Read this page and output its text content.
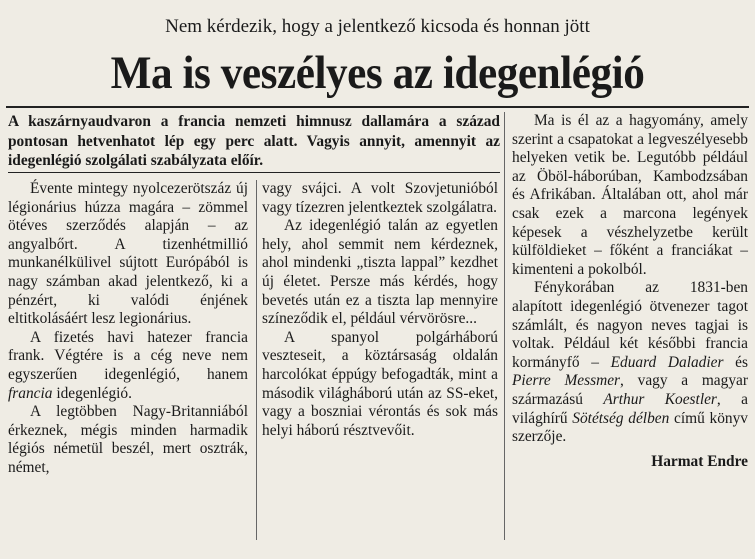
Nem kérdezik, hogy a jelentkező kicsoda és honnan jött
Ma is veszélyes az idegenlégió
A kaszárnyaudvaron a francia nemzeti himnusz dallamára a század pontosan hetvenhatot lép egy perc alatt. Vagyis annyit, amennyit az idegenlégió szolgálati szabályzata előír.

Évente mintegy nyolcezerötszáz új légionárius húzza magára – zömmel ötéves szerződés alapján – az angyalbőrt. A tizenhétmillió munkanélkülivel sújtott Európából is nagy számban akad jelentkező, ki a pénzért, ki valódi énjének eltitkolásáért lesz legionárius.

A fizetés havi hatezer francia frank. Végtére is a cég neve nem egyszerűen idegenlégió, hanem francia idegenlégió.

A legtöbben Nagy-Britanniából érkeznek, mégis minden harmadik légiós németül beszél, mert osztrák, német,

vagy svájci. A volt Szovjetunióból vagy tízezren jelentkeztek szolgálatra.

Az idegenlégió talán az egyetlen hely, ahol semmit nem kérdeznek, ahol mindenki „tiszta lappal” kezdhet új életet. Persze más kérdés, hogy bevetés után ez a tiszta lap mennyire színeződik el, például vérvörösre...

A spanyol polgárháború veszteseit, a köztársaság oldalán harcolókat éppúgy befogadták, mint a második világháború után az SS-eket, vagy a boszniai vérontás és sok más helyi háború résztvevőit.

Ma is él az a hagyomány, amely szerint a csapatokat a legveszélyesebb helyeken vetik be. Legutóbb például az Öböl-háborúban, Kambodzsában és Afrikában. Általában ott, ahol már csak ezek a marcona legények képesek a vészhelyzetbe került külföldieket – főként a franciákat – kimenteni a pokolból.

Fénykorában az 1831-ben alapított idegenlégió ötvenezer tagot számlált, és nagyon neves tagjai is voltak. Például két későbbi francia kormányfő – Eduard Daladier és Pierre Messmer, vagy a magyar származású Arthur Koestler, a világhírű Sötétség délben című könyv szerzője.

Harmat Endre
